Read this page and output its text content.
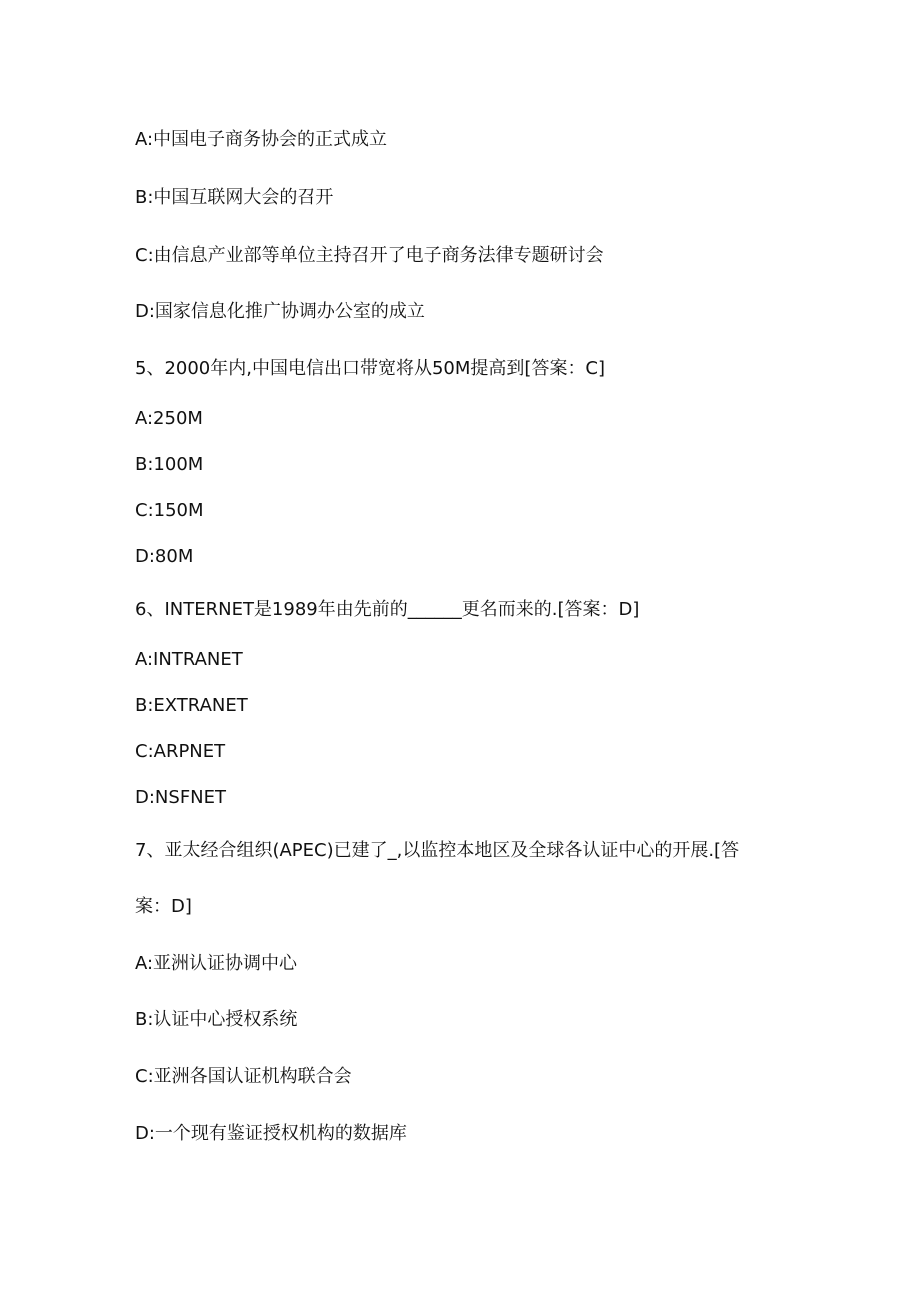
A:中国电子商务协会的正式成立
B:中国互联网大会的召开
C:由信息产业部等单位主持召开了电子商务法律专题研讨会
D:国家信息化推广协调办公室的成立
5、2000年内,中国电信出口带宽将从50M提高到[答案：C]
A:250M
B:100M
C:150M
D:80M
6、INTERNET是1989年由先前的______更名而来的.[答案：D]
A:INTRANET
B:EXTRANET
C:ARPNET
D:NSFNET
7、亚太经合组织(APEC)已建了_,以监控本地区及全球各认证中心的开展.[答
案：D]
A:亚洲认证协调中心
B:认证中心授权系统
C:亚洲各国认证机构联合会
D:一个现有鉴证授权机构的数据库
